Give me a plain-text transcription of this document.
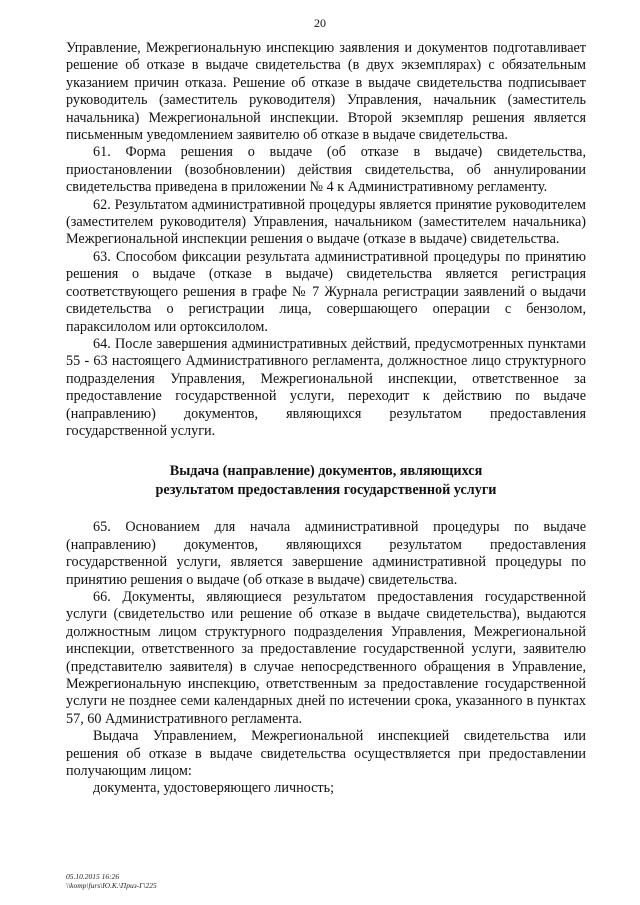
20

Управление, Межрегиональную инспекцию заявления и документов подготавливает решение об отказе в выдаче свидетельства (в двух экземплярах) с обязательным указанием причин отказа. Решение об отказе в выдаче свидетельства подписывает руководитель (заместитель руководителя) Управления, начальник (заместитель начальника) Межрегиональной инспекции. Второй экземпляр решения является письменным уведомлением заявителю об отказе в выдаче свидетельства.

61. Форма решения о выдаче (об отказе в выдаче) свидетельства, приостановлении (возобновлении) действия свидетельства, об аннулировании свидетельства приведена в приложении № 4 к Административному регламенту.

62. Результатом административной процедуры является принятие руководителем (заместителем руководителя) Управления, начальником (заместителем начальника) Межрегиональной инспекции решения о выдаче (отказе в выдаче) свидетельства.

63. Способом фиксации результата административной процедуры по принятию решения о выдаче (отказе в выдаче) свидетельства является регистрация соответствующего решения в графе № 7 Журнала регистрации заявлений о выдачи свидетельства о регистрации лица, совершающего операции с бензолом, параксилолом или ортоксилолом.

64. После завершения административных действий, предусмотренных пунктами 55 - 63 настоящего Административного регламента, должностное лицо структурного подразделения Управления, Межрегиональной инспекции, ответственное за предоставление государственной услуги, переходит к действию по выдаче (направлению) документов, являющихся результатом предоставления государственной услуги.

Выдача (направление) документов, являющихся
результатом предоставления государственной услуги

65. Основанием для начала административной процедуры по выдаче (направлению) документов, являющихся результатом предоставления государственной услуги, является завершение административной процедуры по принятию решения о выдаче (об отказе в выдаче) свидетельства.

66. Документы, являющиеся результатом предоставления государственной услуги (свидетельство или решение об отказе в выдаче свидетельства), выдаются должностным лицом структурного подразделения Управления, Межрегиональной инспекции, ответственного за предоставление государственной услуги, заявителю (представителю заявителя) в случае непосредственного обращения в Управление, Межрегиональную инспекцию, ответственным за предоставление государственной услуги не позднее семи календарных дней по истечении срока, указанного в пунктах 57, 60 Административного регламента.

Выдача Управлением, Межрегиональной инспекцией свидетельства или решения об отказе в выдаче свидетельства осуществляется при предоставлении получающим лицом:

документа, удостоверяющего личность;

05.10.2015 16:26
\\komp\furs\Ю.К.\Приз-Г\225
